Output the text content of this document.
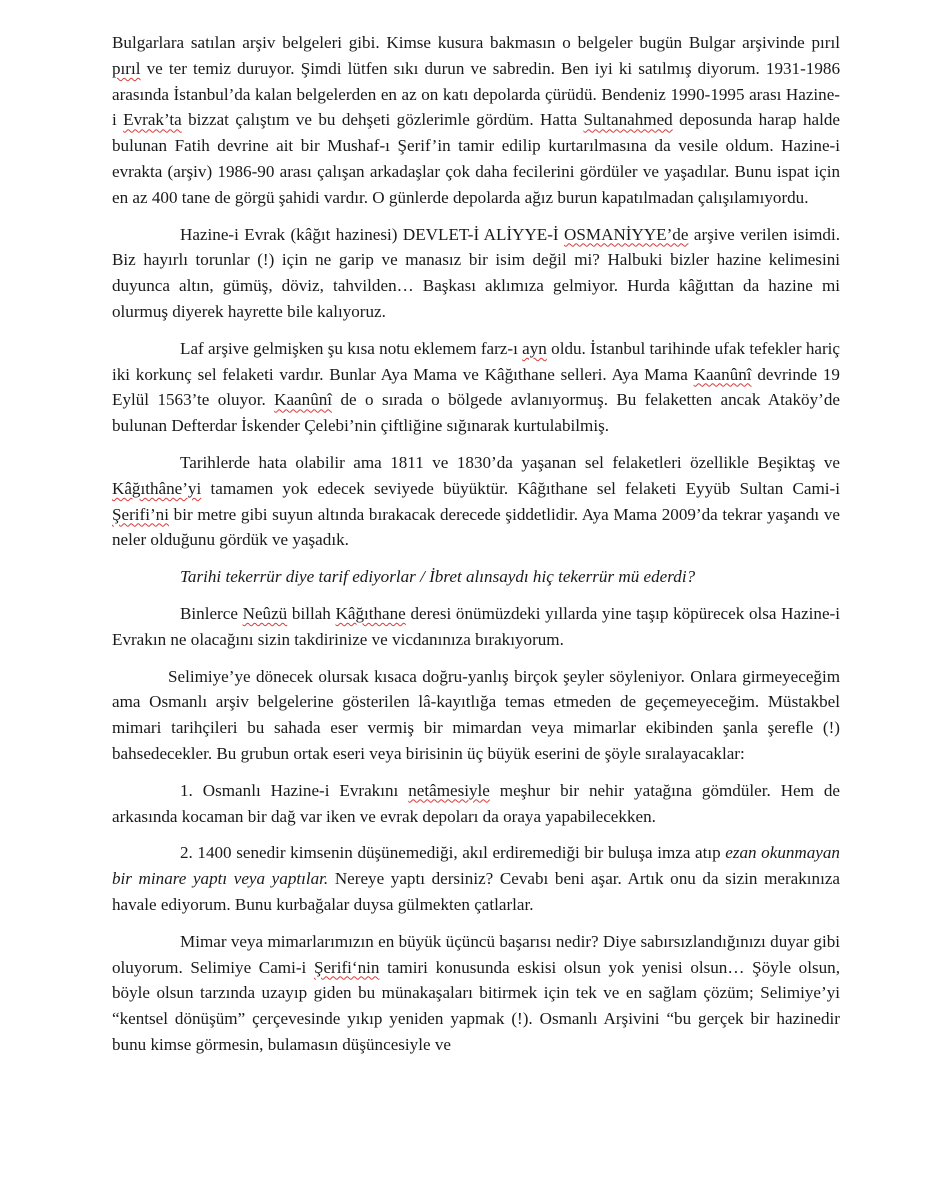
Bulgarlara satılan arşiv belgeleri gibi. Kimse kusura bakmasın o belgeler bugün Bulgar arşivinde pırıl pırıl ve ter temiz duruyor. Şimdi lütfen sıkı durun ve sabredin. Ben iyi ki satılmış diyorum. 1931-1986 arasında İstanbul’da kalan belgelerden en az on katı depolarda çürüdü. Bendeniz 1990-1995 arası Hazine-i Evrak’ta bizzat çalıştım ve bu dehşeti gözlerimle gördüm. Hatta Sultanahmed deposunda harap halde bulunan Fatih devrine ait bir Mushaf-ı Şerif’in tamir edilip kurtarılmasına da vesile oldum. Hazine-i evrakta (arşiv) 1986-90 arası çalışan arkadaşlar çok daha fecilerini gördüler ve yaşadılar. Bunu ispat için en az 400 tane de görgü şahidi vardır. O günlerde depolarda ağız burun kapatılmadan çalışılamıyordu.

Hazine-i Evrak (kâğıt hazinesi) DEVLET-İ ALİYYE-İ OSMANİYYE’de arşive verilen isimdi. Biz hayırlı torunlar (!) için ne garip ve manasız bir isim değil mi? Halbuki bizler hazine kelimesini duyunca altın, gümüş, döviz, tahvilden… Başkası aklımıza gelmiyor. Hurda kâğıttan da hazine mi olurmuş diyerek hayrette bile kalıyoruz.

Laf arşive gelmişken şu kısa notu eklemem farz-ı ayn oldu. İstanbul tarihinde ufak tefekler hariç iki korkunç sel felaketi vardır. Bunlar Aya Mama ve Kâğıthane selleri. Aya Mama Kaanûnî devrinde 19 Eylül 1563’te oluyor. Kaanûnî de o sırada o bölgede avlanıyormuş. Bu felaketten ancak Ataköy’de bulunan Defterdar İskender Çelebi’nin çiftliğine sığınarak kurtulabilmiş.

Tarihlerde hata olabilir ama 1811 ve 1830’da yaşanan sel felaketleri özellikle Beşiktaş ve Kâğıthâne’yi tamamen yok edecek seviyede büyüktür. Kâğıthane sel felaketi Eyyüb Sultan Cami-i Şerifi’ni bir metre gibi suyun altında bırakacak derecede şiddetlidir. Aya Mama 2009’da tekrar yaşandı ve neler olduğunu gördük ve yaşadık.

Tarihi tekerrür diye tarif ediyorlar / İbret alınsaydı hiç tekerrür mü ederdi?

Binlerce Neûzü billah Kâğıthane deresi önümüzdeki yıllarda yine taşıp köpürecek olsa Hazine-i Evrakın ne olacağını sizin takdirinize ve vicdanınıza bırakıyorum.

Selimiye’ye dönecek olursak kısaca doğru-yanlış birçok şeyler söyleniyor. Onlara girmeyeceğim ama Osmanlı arşiv belgelerine gösterilen lâ-kayıtlığa temas etmeden de geçemeyeceğim. Müstakbel mimari tarihçileri bu sahada eser vermiş bir mimardan veya mimarlar ekibinden şanla şerefle (!) bahsedecekler. Bu grubun ortak eseri veya birisinin üç büyük eserini de şöyle sıralayacaklar:

1. Osmanlı Hazine-i Evrakını netâmesiyle meşhur bir nehir yatağına gömdüler. Hem de arkasında kocaman bir dağ var iken ve evrak depoları da oraya yapabilecekken.

2. 1400 senedir kimsenin düşünemediği, akıl erdiremediği bir buluşa imza atıp ezan okunmayan bir minare yaptı veya yaptılar. Nereye yaptı dersiniz? Cevabı beni aşar. Artık onu da sizin merakınıza havale ediyorum. Bunu kurbağalar duysa gülmekten çatlarlar.

Mimar veya mimarlarımızın en büyük üçüncü başarısı nedir? Diye sabırsızlandığınızı duyar gibi oluyorum. Selimiye Cami-i Şerifi‘nin tamiri konusunda eskisi olsun yok yenisi olsun… Şöyle olsun, böyle olsun tarzında uzayıp giden bu münakaşaları bitirmek için tek ve en sağlam çözüm; Selimiye’yi “kentsel dönüşüm” çerçevesinde yıkıp yeniden yapmak (!). Osmanlı Arşivini “bu gerçek bir hazinedir bunu kimse görmesin, bulamasın düşüncesiyle ve
